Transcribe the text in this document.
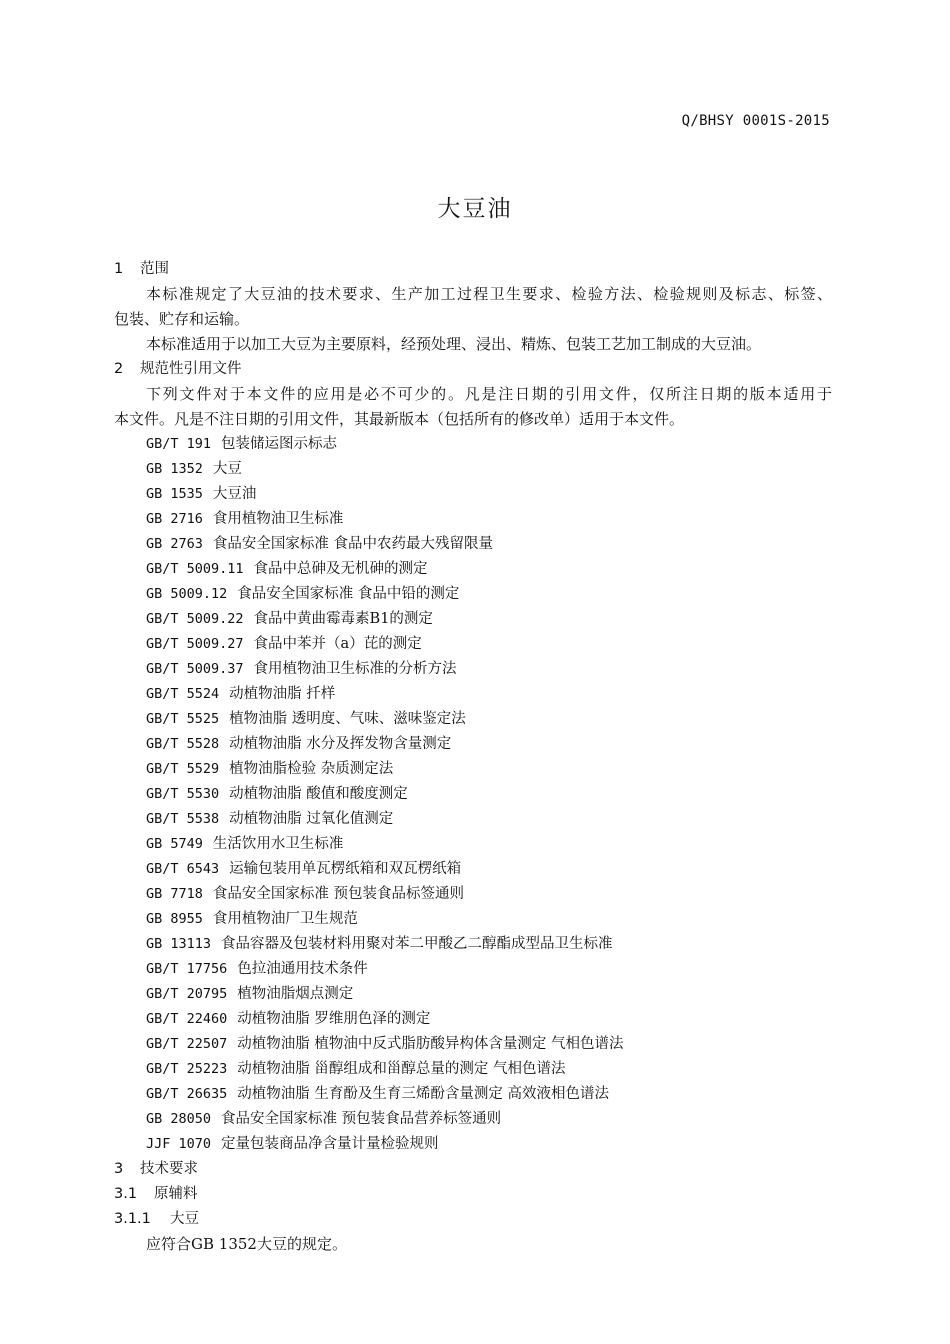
Q/BHSY 0001S-2015
大豆油
1 范围
本标准规定了大豆油的技术要求、生产加工过程卫生要求、检验方法、检验规则及标志、标签、
包装、贮存和运输。
本标准适用于以加工大豆为主要原料，经预处理、浸出、精炼、包装工艺加工制成的大豆油。
2 规范性引用文件
下列文件对于本文件的应用是必不可少的。凡是注日期的引用文件，仅所注日期的版本适用于
本文件。凡是不注日期的引用文件，其最新版本（包括所有的修改单）适用于本文件。
GB/T 191 包装储运图示标志
GB 1352 大豆
GB 1535 大豆油
GB 2716 食用植物油卫生标准
GB 2763 食品安全国家标准 食品中农药最大残留限量
GB/T 5009.11 食品中总砷及无机砷的测定
GB 5009.12 食品安全国家标准 食品中铅的测定
GB/T 5009.22 食品中黄曲霉毒素B1的测定
GB/T 5009.27 食品中苯并（a）芘的测定
GB/T 5009.37 食用植物油卫生标准的分析方法
GB/T 5524 动植物油脂 扦样
GB/T 5525 植物油脂 透明度、气味、滋味鉴定法
GB/T 5528 动植物油脂 水分及挥发物含量测定
GB/T 5529 植物油脂检验 杂质测定法
GB/T 5530 动植物油脂 酸值和酸度测定
GB/T 5538 动植物油脂 过氧化值测定
GB 5749 生活饮用水卫生标准
GB/T 6543 运输包装用单瓦楞纸箱和双瓦楞纸箱
GB 7718 食品安全国家标准 预包装食品标签通则
GB 8955 食用植物油厂卫生规范
GB 13113 食品容器及包装材料用聚对苯二甲酸乙二醇酯成型品卫生标准
GB/T 17756 色拉油通用技术条件
GB/T 20795 植物油脂烟点测定
GB/T 22460 动植物油脂 罗维朋色泽的测定
GB/T 22507 动植物油脂 植物油中反式脂肪酸异构体含量测定 气相色谱法
GB/T 25223 动植物油脂 甾醇组成和甾醇总量的测定 气相色谱法
GB/T 26635 动植物油脂 生育酚及生育三烯酚含量测定 高效液相色谱法
GB 28050 食品安全国家标准 预包装食品营养标签通则
JJF 1070 定量包装商品净含量计量检验规则
3 技术要求
3.1 原辅料
3.1.1 大豆
应符合GB 1352大豆的规定。
